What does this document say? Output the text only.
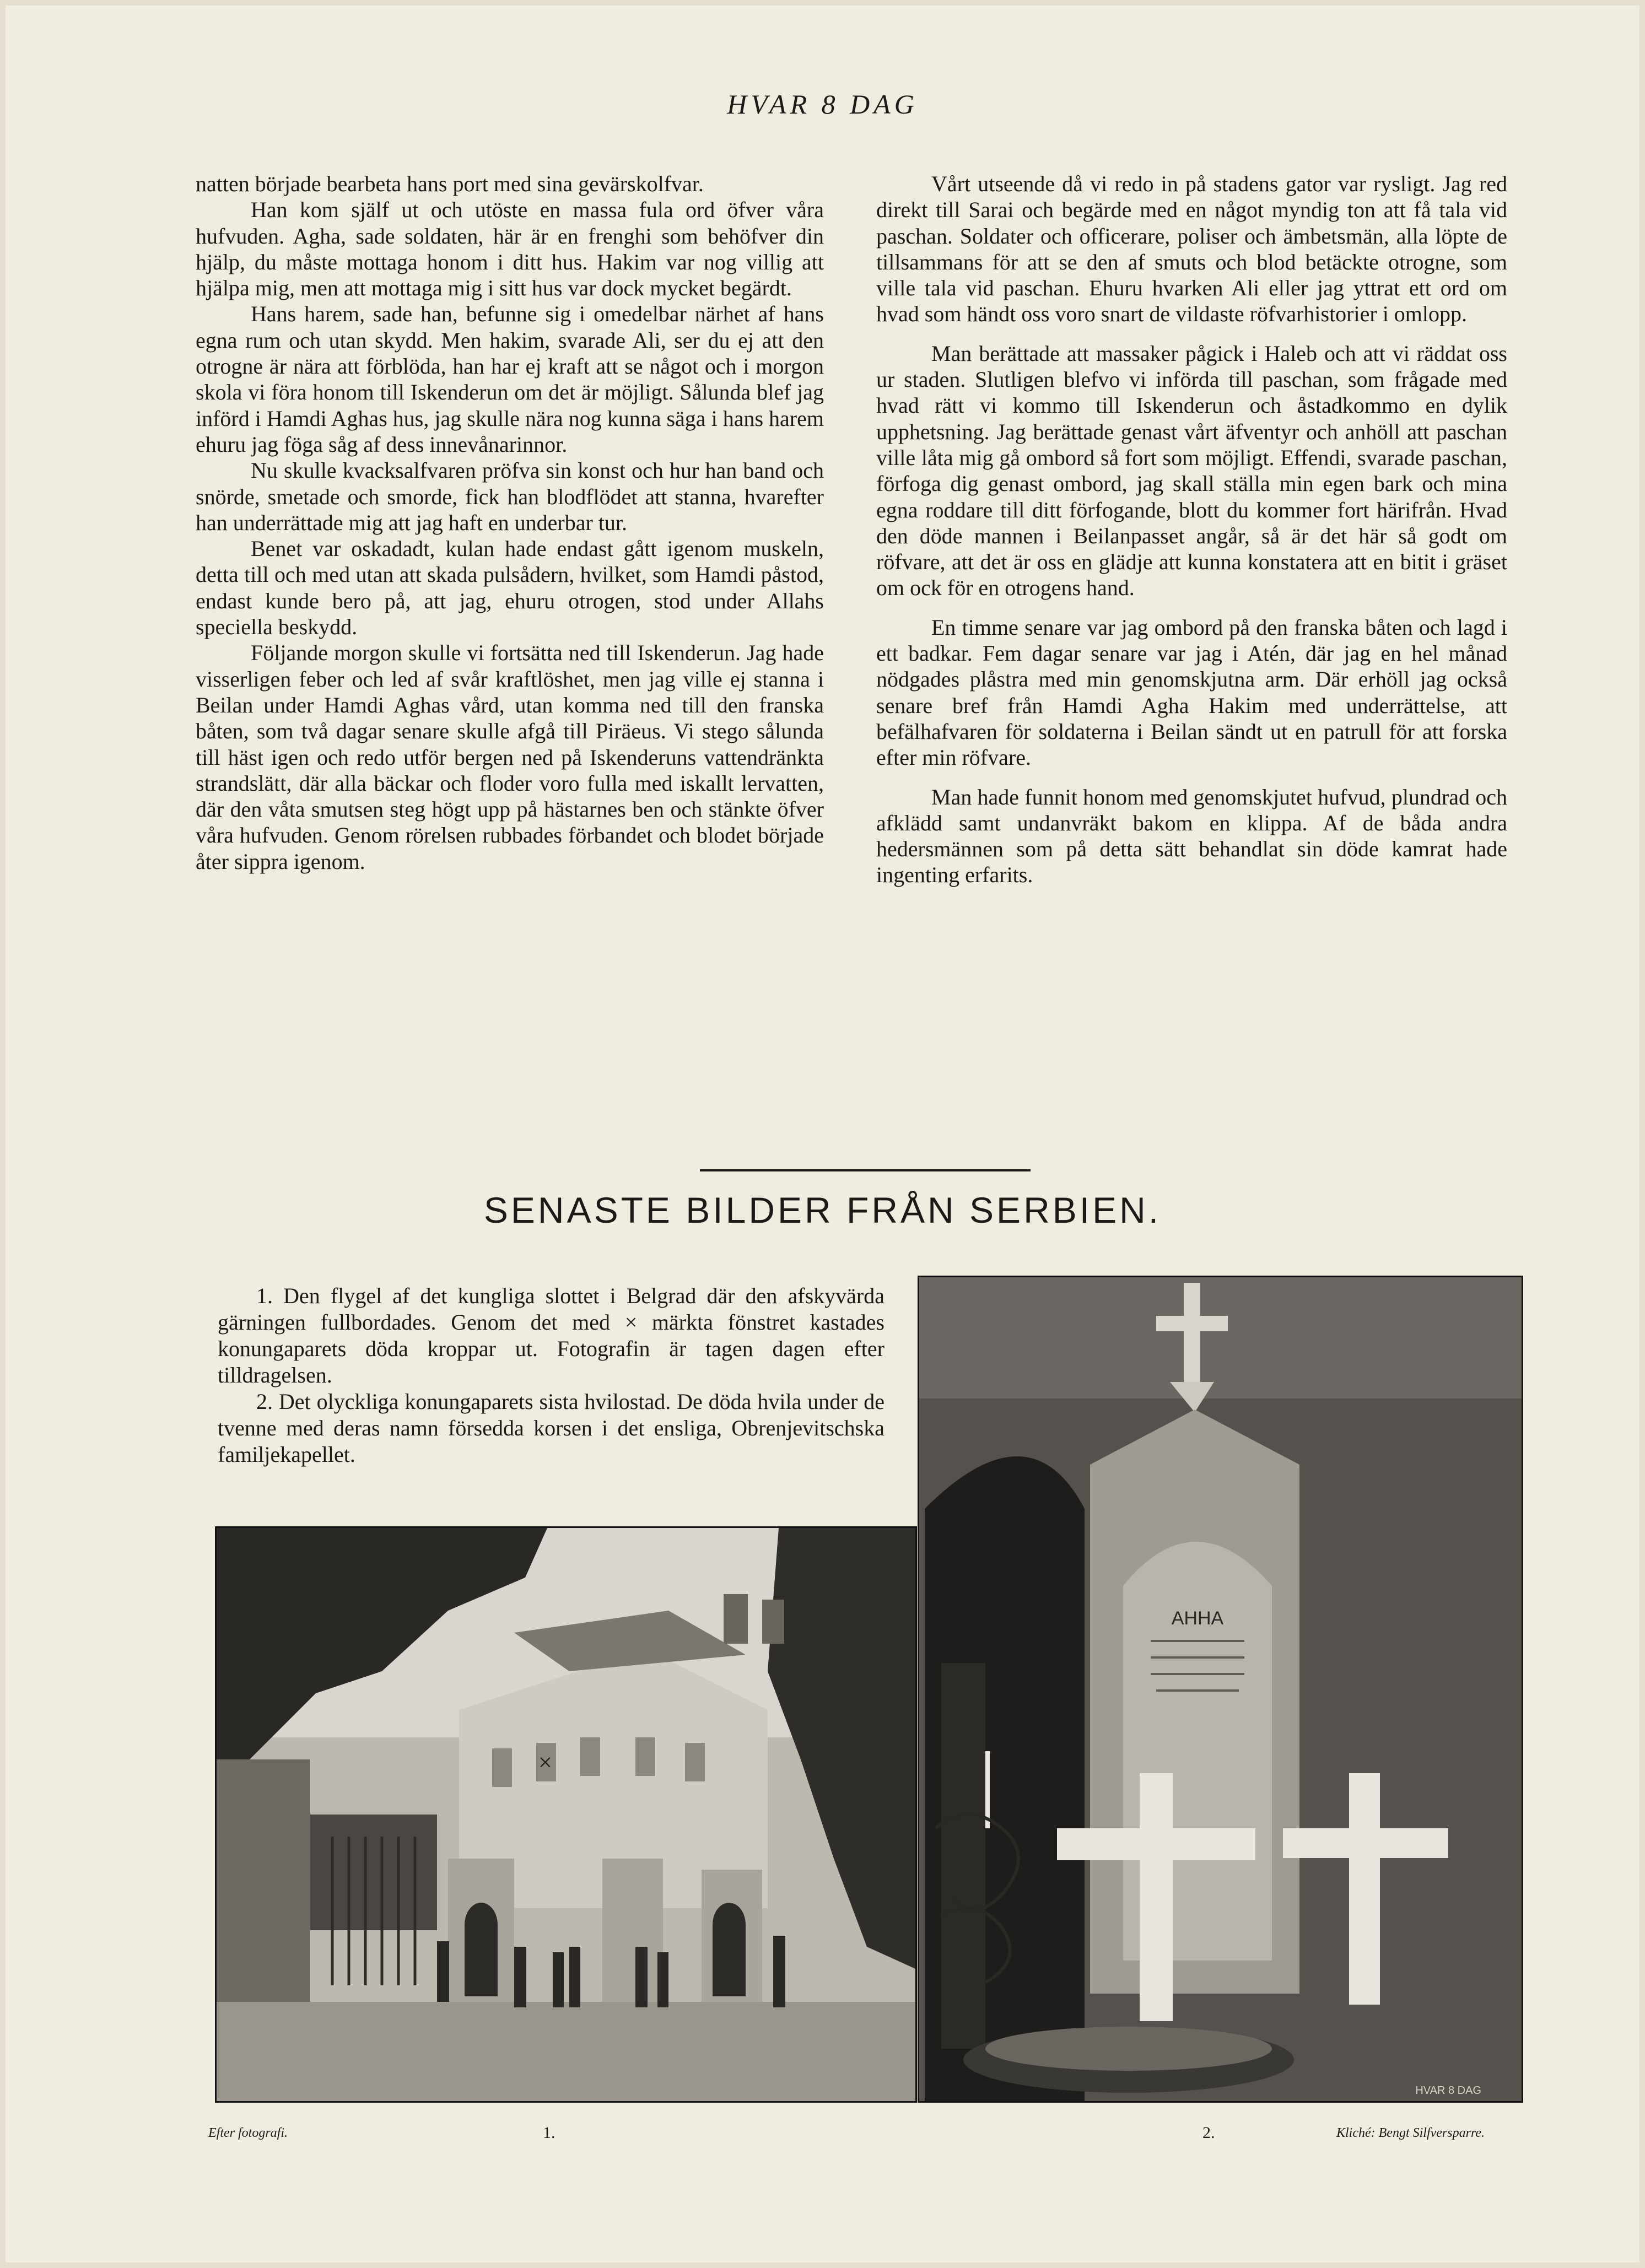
HVAR 8 DAG

natten började bearbeta hans port med sina gevärskolfvar.

Han kom själf ut och utöste en massa fula ord öfver våra hufvuden. Agha, sade soldaten, här är en frenghi som behöfver din hjälp, du måste mottaga honom i ditt hus. Hakim var nog villig att hjälpa mig, men att mottaga mig i sitt hus var dock mycket begärdt.

Hans harem, sade han, befunne sig i omedelbar närhet af hans egna rum och utan skydd. Men hakim, svarade Ali, ser du ej att den otrogne är nära att förblöda, han har ej kraft att se något och i morgon skola vi föra honom till Iskenderun om det är möjligt. Sålunda blef jag införd i Hamdi Aghas hus, jag skulle nära nog kunna säga i hans harem ehuru jag föga såg af dess innevånarinnor.

Nu skulle kvacksalfvaren pröfva sin konst och hur han band och snörde, smetade och smorde, fick han blodflödet att stanna, hvarefter han underrättade mig att jag haft en underbar tur.

Benet var oskadadt, kulan hade endast gått igenom muskeln, detta till och med utan att skada pulsådern, hvilket, som Hamdi påstod, endast kunde bero på, att jag, ehuru otrogen, stod under Allahs speciella beskydd.

Följande morgon skulle vi fortsätta ned till Iskenderun. Jag hade visserligen feber och led af svår kraftlöshet, men jag ville ej stanna i Beilan under Hamdi Aghas vård, utan komma ned till den franska båten, som två dagar senare skulle afgå till Piräeus. Vi stego sålunda till häst igen och redo utför bergen ned på Iskenderuns vattendränkta strandslätt, där alla bäckar och floder voro fulla med iskallt lervatten, där den våta smutsen steg högt upp på hästarnes ben och stänkte öfver våra hufvuden. Genom rörelsen rubbades förbandet och blodet började åter sippra igenom.

Vårt utseende då vi redo in på stadens gator var rysligt. Jag red direkt till Sarai och begärde med en något myndig ton att få tala vid paschan. Soldater och officerare, poliser och ämbetsmän, alla löpte de tillsammans för att se den af smuts och blod betäckte otrogne, som ville tala vid paschan. Ehuru hvarken Ali eller jag yttrat ett ord om hvad som händt oss voro snart de vildaste röfvarhistorier i omlopp.

Man berättade att massaker pågick i Haleb och att vi räddat oss ur staden. Slutligen blefvo vi införda till paschan, som frågade med hvad rätt vi kommo till Iskenderun och åstadkommo en dylik upphetsning. Jag berättade genast vårt äfventyr och anhöll att paschan ville låta mig gå ombord så fort som möjligt. Effendi, svarade paschan, förfoga dig genast ombord, jag skall ställa min egen bark och mina egna roddare till ditt förfogande, blott du kommer fort härifrån. Hvad den döde mannen i Beilanpasset angår, så är det här så godt om röfvare, att det är oss en glädje att kunna konstatera att en bitit i gräset om ock för en otrogens hand.

En timme senare var jag ombord på den franska båten och lagd i ett badkar. Fem dagar senare var jag i Atén, där jag en hel månad nödgades plåstra med min genomskjutna arm. Där erhöll jag också senare bref från Hamdi Agha Hakim med underrättelse, att befälhafvaren för soldaterna i Beilan sändt ut en patrull för att forska efter min röfvare.

Man hade funnit honom med genomskjutet hufvud, plundrad och afklädd samt undanvräkt bakom en klippa. Af de båda andra hedersmännen som på detta sätt behandlat sin döde kamrat hade ingenting erfarits.

SENASTE BILDER FRÅN SERBIEN.

1. Den flygel af det kungliga slottet i Belgrad där den afskyvärda gärningen fullbordades. Genom det med × märkta fönstret kastades konungaparets döda kroppar ut. Fotografin är tagen dagen efter tilldragelsen.

2. Det olyckliga konungaparets sista hvilostad. De döda hvila under de tvenne med deras namn försedda korsen i det ensliga, Obrenjevitschska familjekapellet.

×
АННА
HVAR 8 DAG
Efter fotografi.	1.	2.	Kliché: Bengt Silfversparre.
